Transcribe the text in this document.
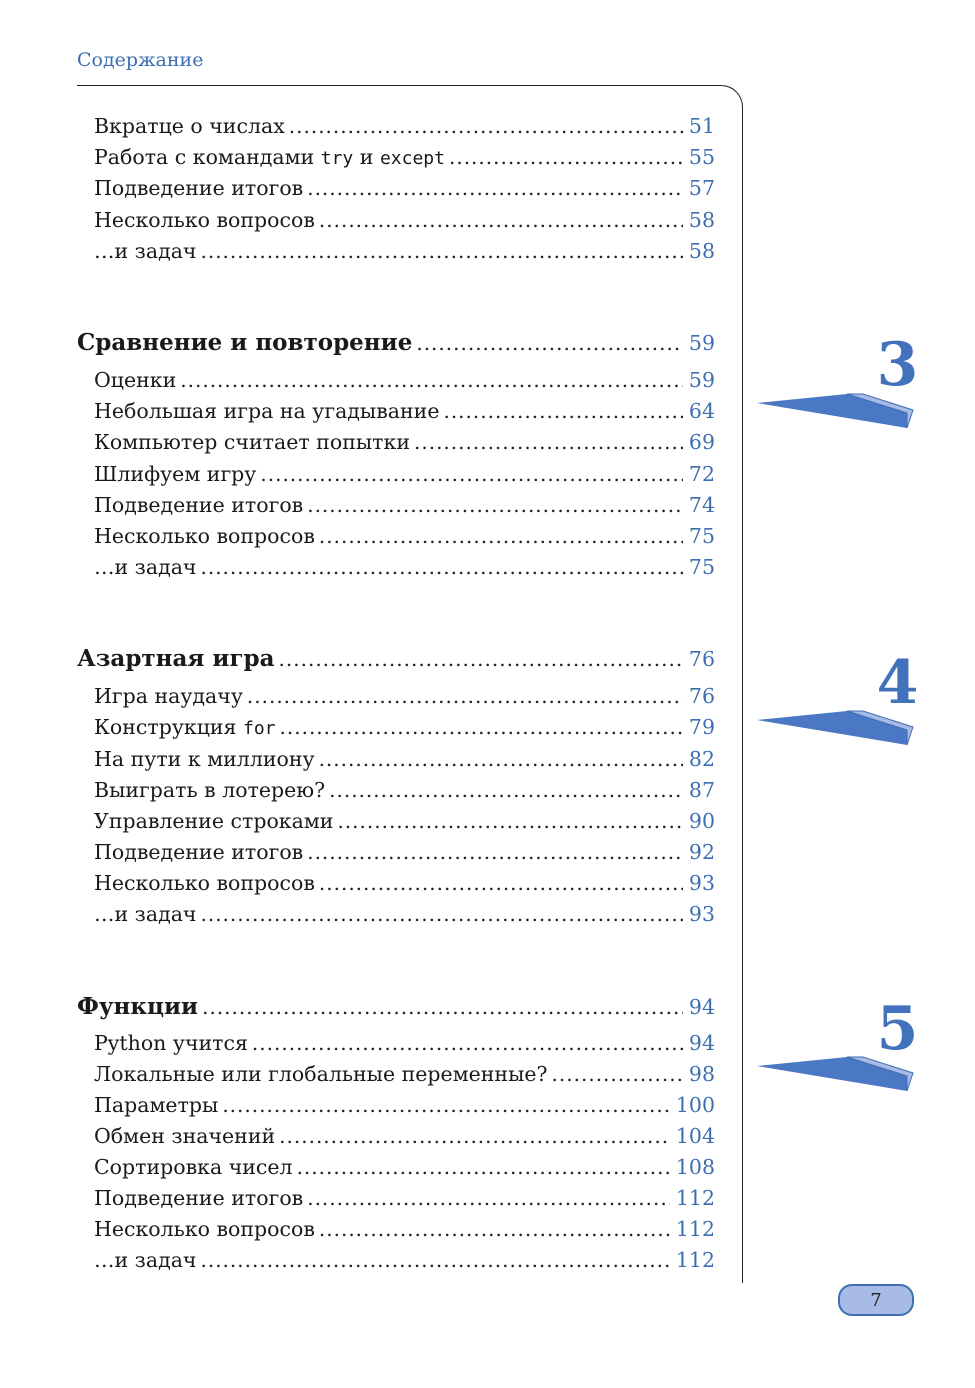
Содержание
Вкратце о числах .....	51
Работа с командами try и except .....	55
Подведение итогов .....	57
Несколько вопросов .....	58
…и задач .....	58
Сравнение и повторение .....	59
Оценки .....	59
Небольшая игра на угадывание .....	64
Компьютер считает попытки .....	69
Шлифуем игру .....	72
Подведение итогов .....	74
Несколько вопросов .....	75
…и задач .....	75
3
Азартная игра .....	76
Игра наудачу .....	76
Конструкция for .....	79
На пути к миллиону .....	82
Выиграть в лотерею? .....	87
Управление строками .....	90
Подведение итогов .....	92
Несколько вопросов .....	93
…и задач .....	93
4
Функции .....	94
Python учится .....	94
Локальные или глобальные переменные? .....	98
Параметры .....	100
Обмен значений .....	104
Сортировка чисел .....	108
Подведение итогов .....	112
Несколько вопросов .....	112
…и задач .....	112
5
7
